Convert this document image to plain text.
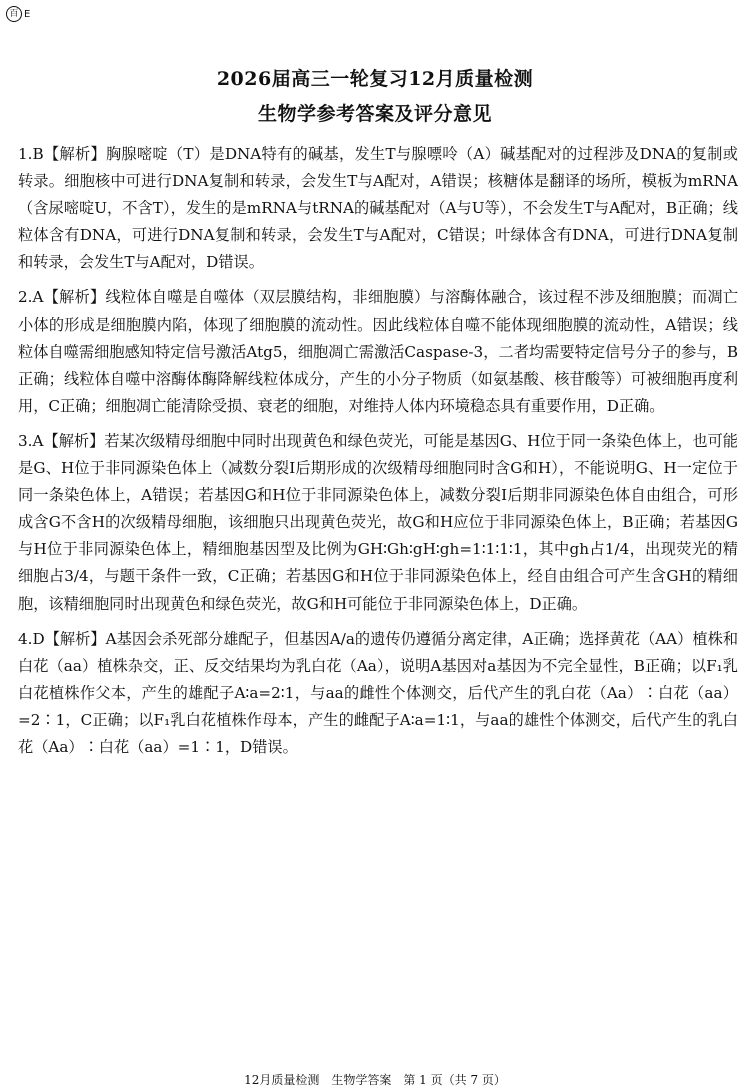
百 E
2026届高三一轮复习12月质量检测
生物学参考答案及评分意见

1.B【解析】胸腺嘧啶（T）是DNA特有的碱基，发生T与腺嘌呤（A）碱基配对的过程涉及DNA的复制或转录。细胞核中可进行DNA复制和转录，会发生T与A配对，A错误；核糖体是翻译的场所，模板为mRNA（含尿嘧啶U，不含T），发生的是mRNA与tRNA的碱基配对（A与U等），不会发生T与A配对，B正确；线粒体含有DNA，可进行DNA复制和转录，会发生T与A配对，C错误；叶绿体含有DNA，可进行DNA复制和转录，会发生T与A配对，D错误。

2.A【解析】线粒体自噬是自噬体（双层膜结构，非细胞膜）与溶酶体融合，该过程不涉及细胞膜；而凋亡小体的形成是细胞膜内陷，体现了细胞膜的流动性。因此线粒体自噬不能体现细胞膜的流动性，A错误；线粒体自噬需细胞感知特定信号激活Atg5，细胞凋亡需激活Caspase-3，二者均需要特定信号分子的参与，B正确；线粒体自噬中溶酶体酶降解线粒体成分，产生的小分子物质（如氨基酸、核苷酸等）可被细胞再度利用，C正确；细胞凋亡能清除受损、衰老的细胞，对维持人体内环境稳态具有重要作用，D正确。

3.A【解析】若某次级精母细胞中同时出现黄色和绿色荧光，可能是基因G、H位于同一条染色体上，也可能是G、H位于非同源染色体上（减数分裂Ⅰ后期形成的次级精母细胞同时含G和H），不能说明G、H一定位于同一条染色体上，A错误；若基因G和H位于非同源染色体上，减数分裂Ⅰ后期非同源染色体自由组合，可形成含G不含H的次级精母细胞，该细胞只出现黄色荧光，故G和H应位于非同源染色体上，B正确；若基因G与H位于非同源染色体上，精细胞基因型及比例为GH∶Gh∶gH∶gh=1∶1∶1∶1，其中gh占1/4，出现荧光的精细胞占3/4，与题干条件一致，C正确；若基因G和H位于非同源染色体上，经自由组合可产生含GH的精细胞，该精细胞同时出现黄色和绿色荧光，故G和H可能位于非同源染色体上，D正确。

4.D【解析】A基因会杀死部分雄配子，但基因A/a的遗传仍遵循分离定律，A正确；选择黄花（AA）植株和白花（aa）植株杂交，正、反交结果均为乳白花（Aa），说明A基因对a基因为不完全显性，B正确；以F₁乳白花植株作父本，产生的雄配子A∶a=2∶1，与aa的雌性个体测交，后代产生的乳白花（Aa）∶白花（aa）=2∶1，C正确；以F₁乳白花植株作母本，产生的雌配子A∶a=1∶1，与aa的雄性个体测交，后代产生的乳白花（Aa）∶白花（aa）=1∶1，D错误。

12月质量检测　生物学答案　第 1 页（共 7 页）
